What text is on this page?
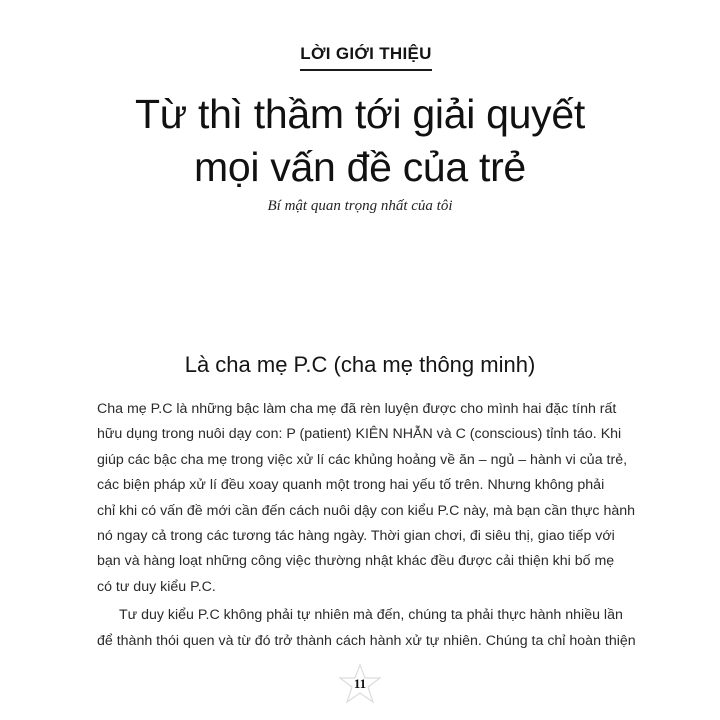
LỜI GIỚI THIỆU
Từ thì thầm tới giải quyết
mọi vấn đề của trẻ
Bí mật quan trọng nhất của tôi
Là cha mẹ P.C (cha mẹ thông minh)
Cha mẹ P.C là những bậc làm cha mẹ đã rèn luyện được cho mình hai đặc tính rất
hữu dụng trong nuôi dạy con: P (patient) KIÊN NHẪN và C (conscious) tỉnh táo. Khi
giúp các bậc cha mẹ trong việc xử lí các khủng hoảng về ăn – ngủ – hành vi của trẻ,
các biện pháp xử lí đều xoay quanh một trong hai yếu tố trên. Nhưng không phải
chỉ khi có vấn đề mới cần đến cách nuôi dậy con kiểu P.C này, mà bạn cần thực hành
nó ngay cả trong các tương tác hàng ngày. Thời gian chơi, đi siêu thị, giao tiếp với
bạn và hàng loạt những công việc thường nhật khác đều được cải thiện khi bố mẹ
có tư duy kiểu P.C.
Tư duy kiểu P.C không phải tự nhiên mà đến, chúng ta phải thực hành nhiều lần
để thành thói quen và từ đó trở thành cách hành xử tự nhiên. Chúng ta chỉ hoàn thiện
11
